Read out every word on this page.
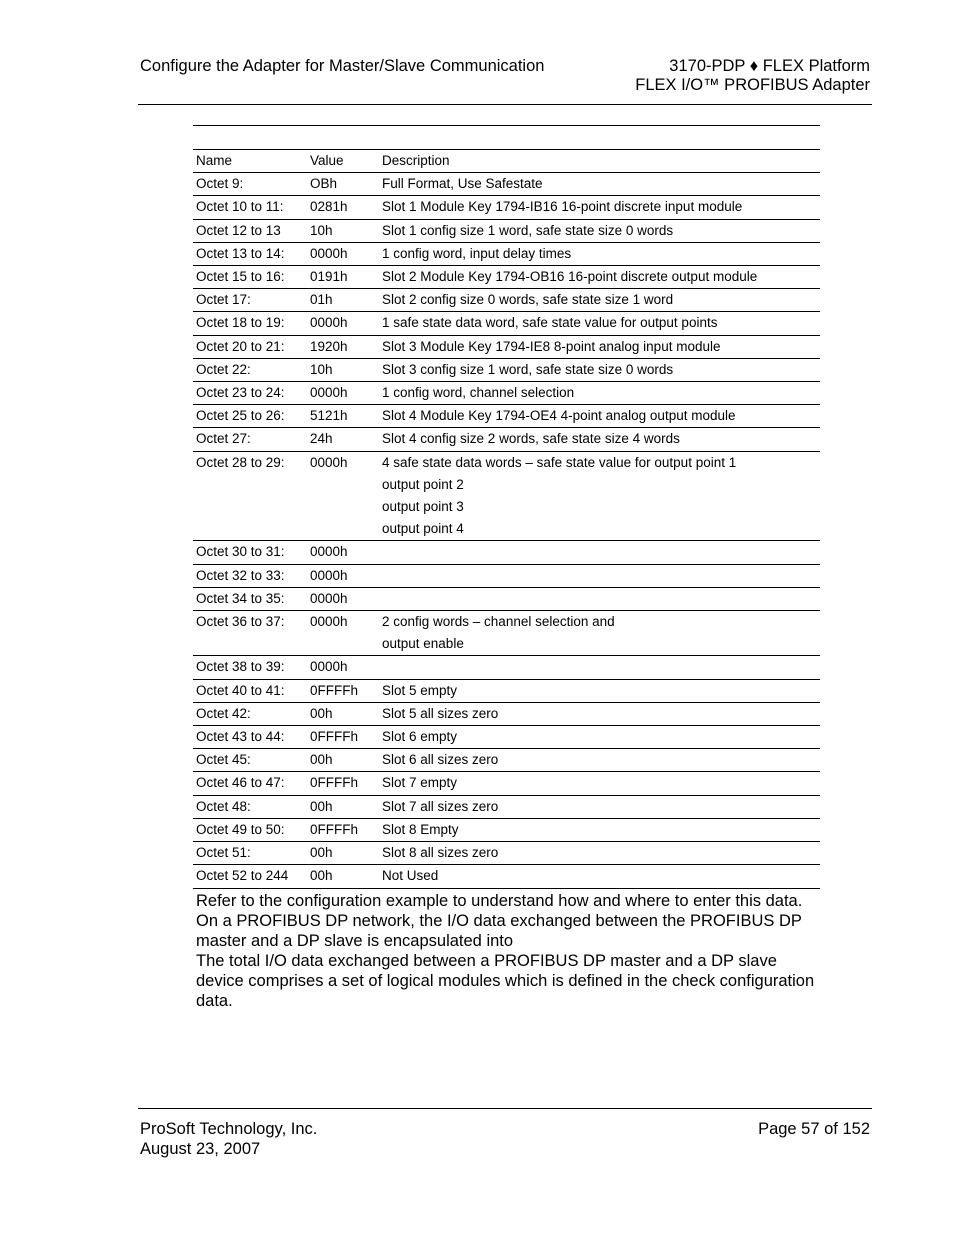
Configure the Adapter for Master/Slave Communication	3170-PDP ♦ FLEX Platform
FLEX I/O™ PROFIBUS Adapter
Name	Value	Description
Octet 9:	OBh	Full Format, Use Safestate

Octet 10 to 11:	0281h	Slot 1 Module Key 1794-IB16 16-point discrete input module

Octet 12 to 13	10h	Slot 1 config size 1 word, safe state size 0 words

Octet 13 to 14:	0000h	1 config word, input delay times

Octet 15 to 16:	0191h	Slot 2 Module Key 1794-OB16 16-point discrete output module

Octet 17:	01h	Slot 2 config size 0 words, safe state size 1 word

Octet 18 to 19:	0000h	1 safe state data word, safe state value for output points

Octet 20 to 21:	1920h	Slot 3 Module Key 1794-IE8 8-point analog input module

Octet 22:	10h	Slot 3 config size 1 word, safe state size 0 words

Octet 23 to 24:	0000h	1 config word, channel selection

Octet 25 to 26:	5121h	Slot 4 Module Key 1794-OE4 4-point analog output module

Octet 27:	24h	Slot 4 config size 2 words, safe state size 4 words

Octet 28 to 29:	0000h	4 safe state data words – safe state value for output point 1
output point 2
output point 3
output point 4

Octet 30 to 31:	0000h	

Octet 32 to 33:	0000h	

Octet 34 to 35:	0000h	

Octet 36 to 37:	0000h	2 config words – channel selection and
output enable

Octet 38 to 39:	0000h	

Octet 40 to 41:	0FFFFh	Slot 5 empty

Octet 42:	00h	Slot 5 all sizes zero

Octet 43 to 44:	0FFFFh	Slot 6 empty

Octet 45:	00h	Slot 6 all sizes zero

Octet 46 to 47:	0FFFFh	Slot 7 empty

Octet 48:	00h	Slot 7 all sizes zero

Octet 49 to 50:	0FFFFh	Slot 8 Empty

Octet 51:	00h	Slot 8 all sizes zero

Octet 52 to 244	00h	Not Used

Refer to the configuration example to understand how and where to enter this data. On a PROFIBUS DP network, the I/O data exchanged between the PROFIBUS DP master and a DP slave is encapsulated into

The total I/O data exchanged between a PROFIBUS DP master and a DP slave device comprises a set of logical modules which is defined in the check configuration data.

ProSoft Technology, Inc.
August 23, 2007
Page 57 of 152
